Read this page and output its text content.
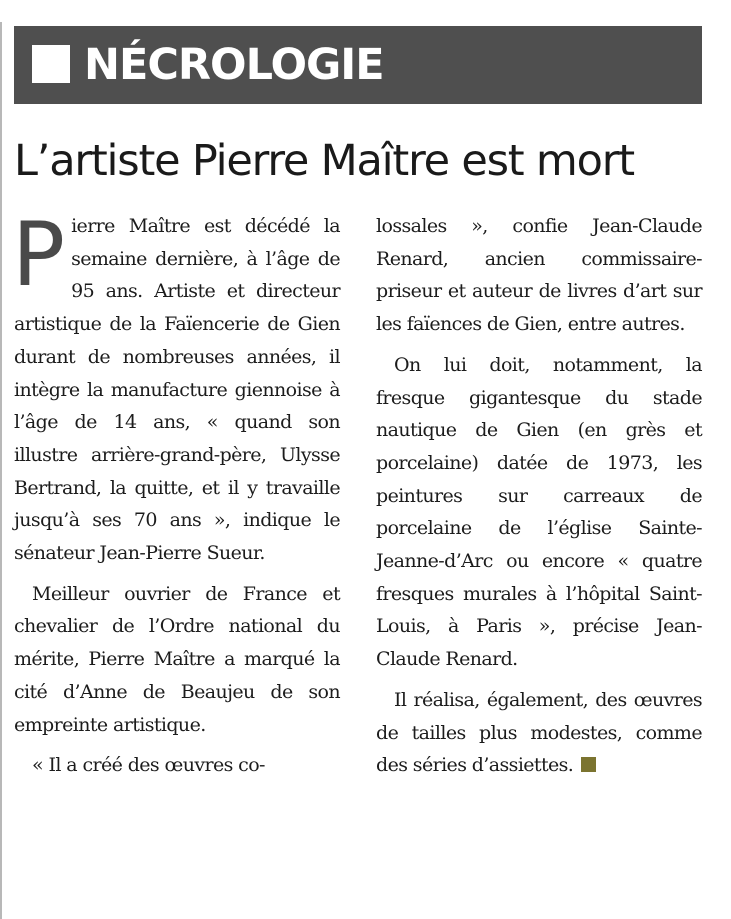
NÉCROLOGIE
L’artiste Pierre Maître est mort

Pierre Maître est décédé la semaine dernière, à l’âge de 95 ans. Artiste et directeur artistique de la Faïencerie de Gien durant de nombreuses années, il intègre la manufacture giennoise à l’âge de 14 ans, « quand son illustre arrière-grand-père, Ulysse Bertrand, la quitte, et il y travaille jusqu’à ses 70 ans », indique le sénateur Jean-Pierre Sueur.

Meilleur ouvrier de France et chevalier de l’Ordre national du mérite, Pierre Maître a marqué la cité d’Anne de Beaujeu de son empreinte artistique.

« Il a créé des œuvres co-

lossales », confie Jean-Claude Renard, ancien commissaire-priseur et auteur de livres d’art sur les faïences de Gien, entre autres.

On lui doit, notamment, la fresque gigantesque du stade nautique de Gien (en grès et porcelaine) datée de 1973, les peintures sur carreaux de porcelaine de l’église Sainte-Jeanne-d’Arc ou encore « quatre fresques murales à l’hôpital Saint-Louis, à Paris », précise Jean-Claude Renard.

Il réalisa, également, des œuvres de tailles plus modestes, comme des séries d’assiettes.
